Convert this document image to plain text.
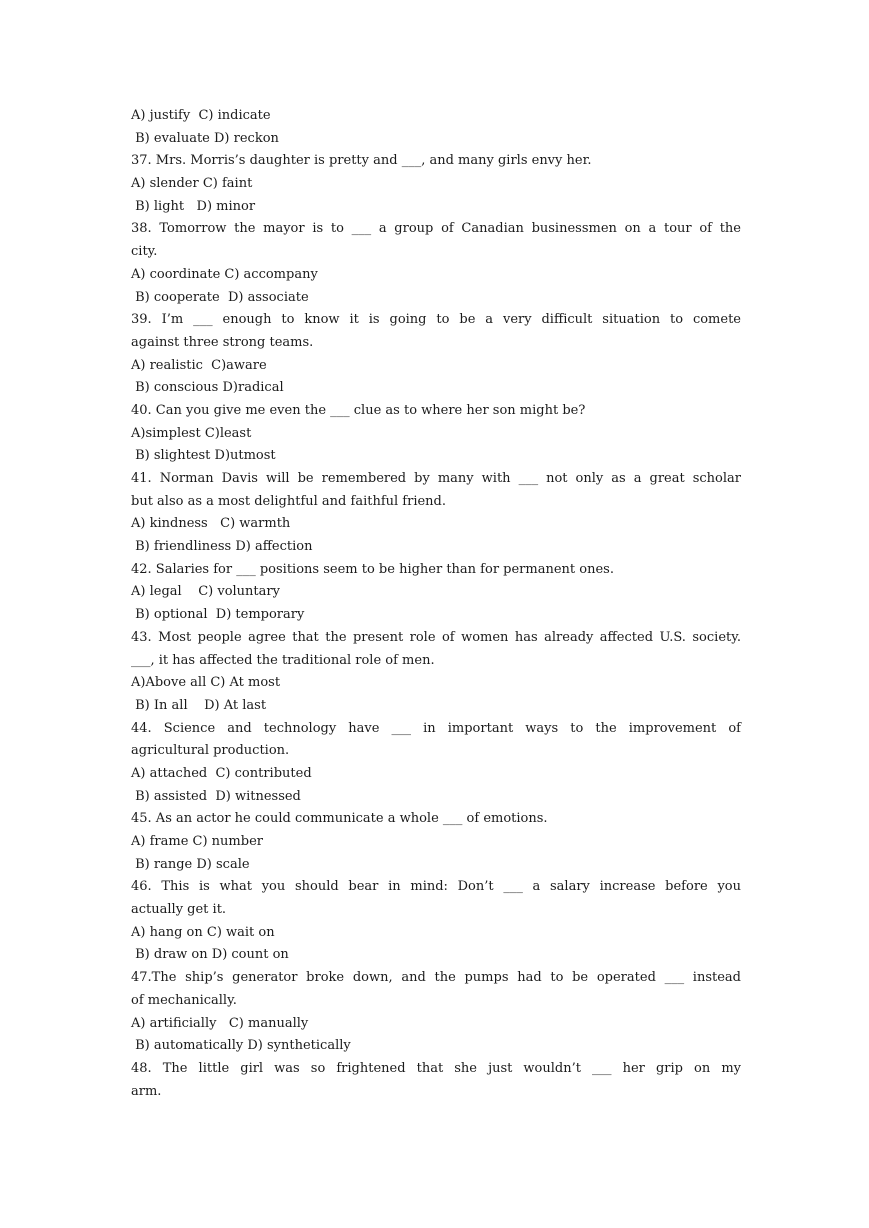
A) justify  C) indicate
B) evaluate D) reckon
37. Mrs. Morris’s daughter is pretty and ___, and many girls envy her.
A) slender C) faint
B) light   D) minor
38. Tomorrow the mayor is to ___ a group of Canadian businessmen on a tour of the
city.
A) coordinate C) accompany
B) cooperate  D) associate
39. I’m ___ enough to know it is going to be a very difficult situation to comete
against three strong teams.
A) realistic  C)aware
B) conscious D)radical
40. Can you give me even the ___ clue as to where her son might be?
A)simplest C)least
B) slightest D)utmost
41. Norman Davis will be remembered by many with ___ not only as a great scholar
but also as a most delightful and faithful friend.
A) kindness   C) warmth
B) friendliness D) affection
42. Salaries for ___ positions seem to be higher than for permanent ones.
A) legal    C) voluntary
B) optional  D) temporary
43. Most people agree that the present role of women has already affected U.S. society.
___, it has affected the traditional role of men.
A)Above all C) At most
B) In all    D) At last
44. Science and technology have ___ in important ways to the improvement of
agricultural production.
A) attached  C) contributed
B) assisted  D) witnessed
45. As an actor he could communicate a whole ___ of emotions.
A) frame C) number
B) range D) scale
46. This is what you should bear in mind: Don’t ___ a salary increase before you
actually get it.
A) hang on C) wait on
B) draw on D) count on
47.The ship’s generator broke down, and the pumps had to be operated ___ instead
of mechanically.
A) artificially   C) manually
B) automatically D) synthetically
48. The little girl was so frightened that she just wouldn’t ___ her grip on my
arm.
